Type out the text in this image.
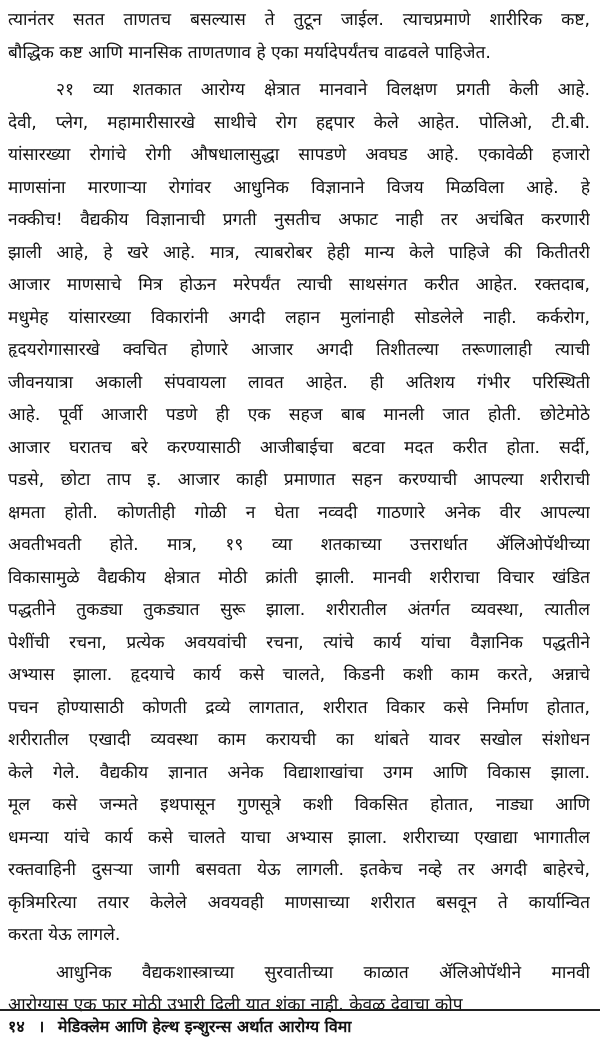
त्यानंतर सतत ताणतच बसल्यास ते तुटून जाईल. त्याचप्रमाणे शारीरिक कष्ट,
बौद्धिक कष्ट आणि मानसिक ताणतणाव हे एका मर्यादेपर्यंतच वाढवले पाहिजेत.
२१ व्या शतकात आरोग्य क्षेत्रात मानवाने विलक्षण प्रगती केली आहे.
देवी, प्लेग, महामारीसारखे साथीचे रोग हद्दपार केले आहेत. पोलिओ, टी.बी.
यांसारख्या रोगांचे रोगी औषधालासुद्धा सापडणे अवघड आहे. एकावेळी हजारो
माणसांना मारणाऱ्या रोगांवर आधुनिक विज्ञानाने विजय मिळविला आहे. हे
नक्कीच! वैद्यकीय विज्ञानाची प्रगती नुसतीच अफाट नाही तर अचंबित करणारी
झाली आहे, हे खरे आहे. मात्र, त्याबरोबर हेही मान्य केले पाहिजे की कितीतरी
आजार माणसाचे मित्र होऊन मरेपर्यंत त्याची साथसंगत करीत आहेत. रक्तदाब,
मधुमेह यांसारख्या विकारांनी अगदी लहान मुलांनाही सोडलेले नाही. कर्करोग,
हृदयरोगासारखे क्वचित होणारे आजार अगदी तिशीतल्या तरूणालाही त्याची
जीवनयात्रा अकाली संपवायला लावत आहेत. ही अतिशय गंभीर परिस्थिती
आहे. पूर्वी आजारी पडणे ही एक सहज बाब मानली जात होती. छोटेमोठे
आजार घरातच बरे करण्यासाठी आजीबाईचा बटवा मदत करीत होता. सर्दी,
पडसे, छोटा ताप इ. आजार काही प्रमाणात सहन करण्याची आपल्या शरीराची
क्षमता होती. कोणतीही गोळी न घेता नव्वदी गाठणारे अनेक वीर आपल्या
अवतीभवती होते. मात्र, १९ व्या शतकाच्या उत्तरार्धात ॲलिओपॅथीच्या
विकासामुळे वैद्यकीय क्षेत्रात मोठी क्रांती झाली. मानवी शरीराचा विचार खंडित
पद्धतीने तुकड्या तुकड्यात सुरू झाला. शरीरातील अंतर्गत व्यवस्था, त्यातील
पेशींची रचना, प्रत्येक अवयवांची रचना, त्यांचे कार्य यांचा वैज्ञानिक पद्धतीने
अभ्यास झाला. हृदयाचे कार्य कसे चालते, किडनी कशी काम करते, अन्नाचे
पचन होण्यासाठी कोणती द्रव्ये लागतात, शरीरात विकार कसे निर्माण होतात,
शरीरातील एखादी व्यवस्था काम करायची का थांबते यावर सखोल संशोधन
केले गेले. वैद्यकीय ज्ञानात अनेक विद्याशाखांचा उगम आणि विकास झाला.
मूल कसे जन्मते इथपासून गुणसूत्रे कशी विकसित होतात, नाड्या आणि
धमन्या यांचे कार्य कसे चालते याचा अभ्यास झाला. शरीराच्या एखाद्या भागातील
रक्तवाहिनी दुसऱ्या जागी बसवता येऊ लागली. इतकेच नव्हे तर अगदी बाहेरचे,
कृत्रिमरित्या तयार केलेले अवयवही माणसाच्या शरीरात बसवून ते कार्यान्वित
करता येऊ लागले.
आधुनिक वैद्यकशास्त्राच्या सुरवातीच्या काळात ॲलिओपॅथीने मानवी
आरोग्यास एक फार मोठी उभारी दिली यात शंका नाही. केवळ देवाचा कोप
१४ । मेडिक्लेम आणि हेल्थ इन्शुरन्स अर्थात आरोग्य विमा
